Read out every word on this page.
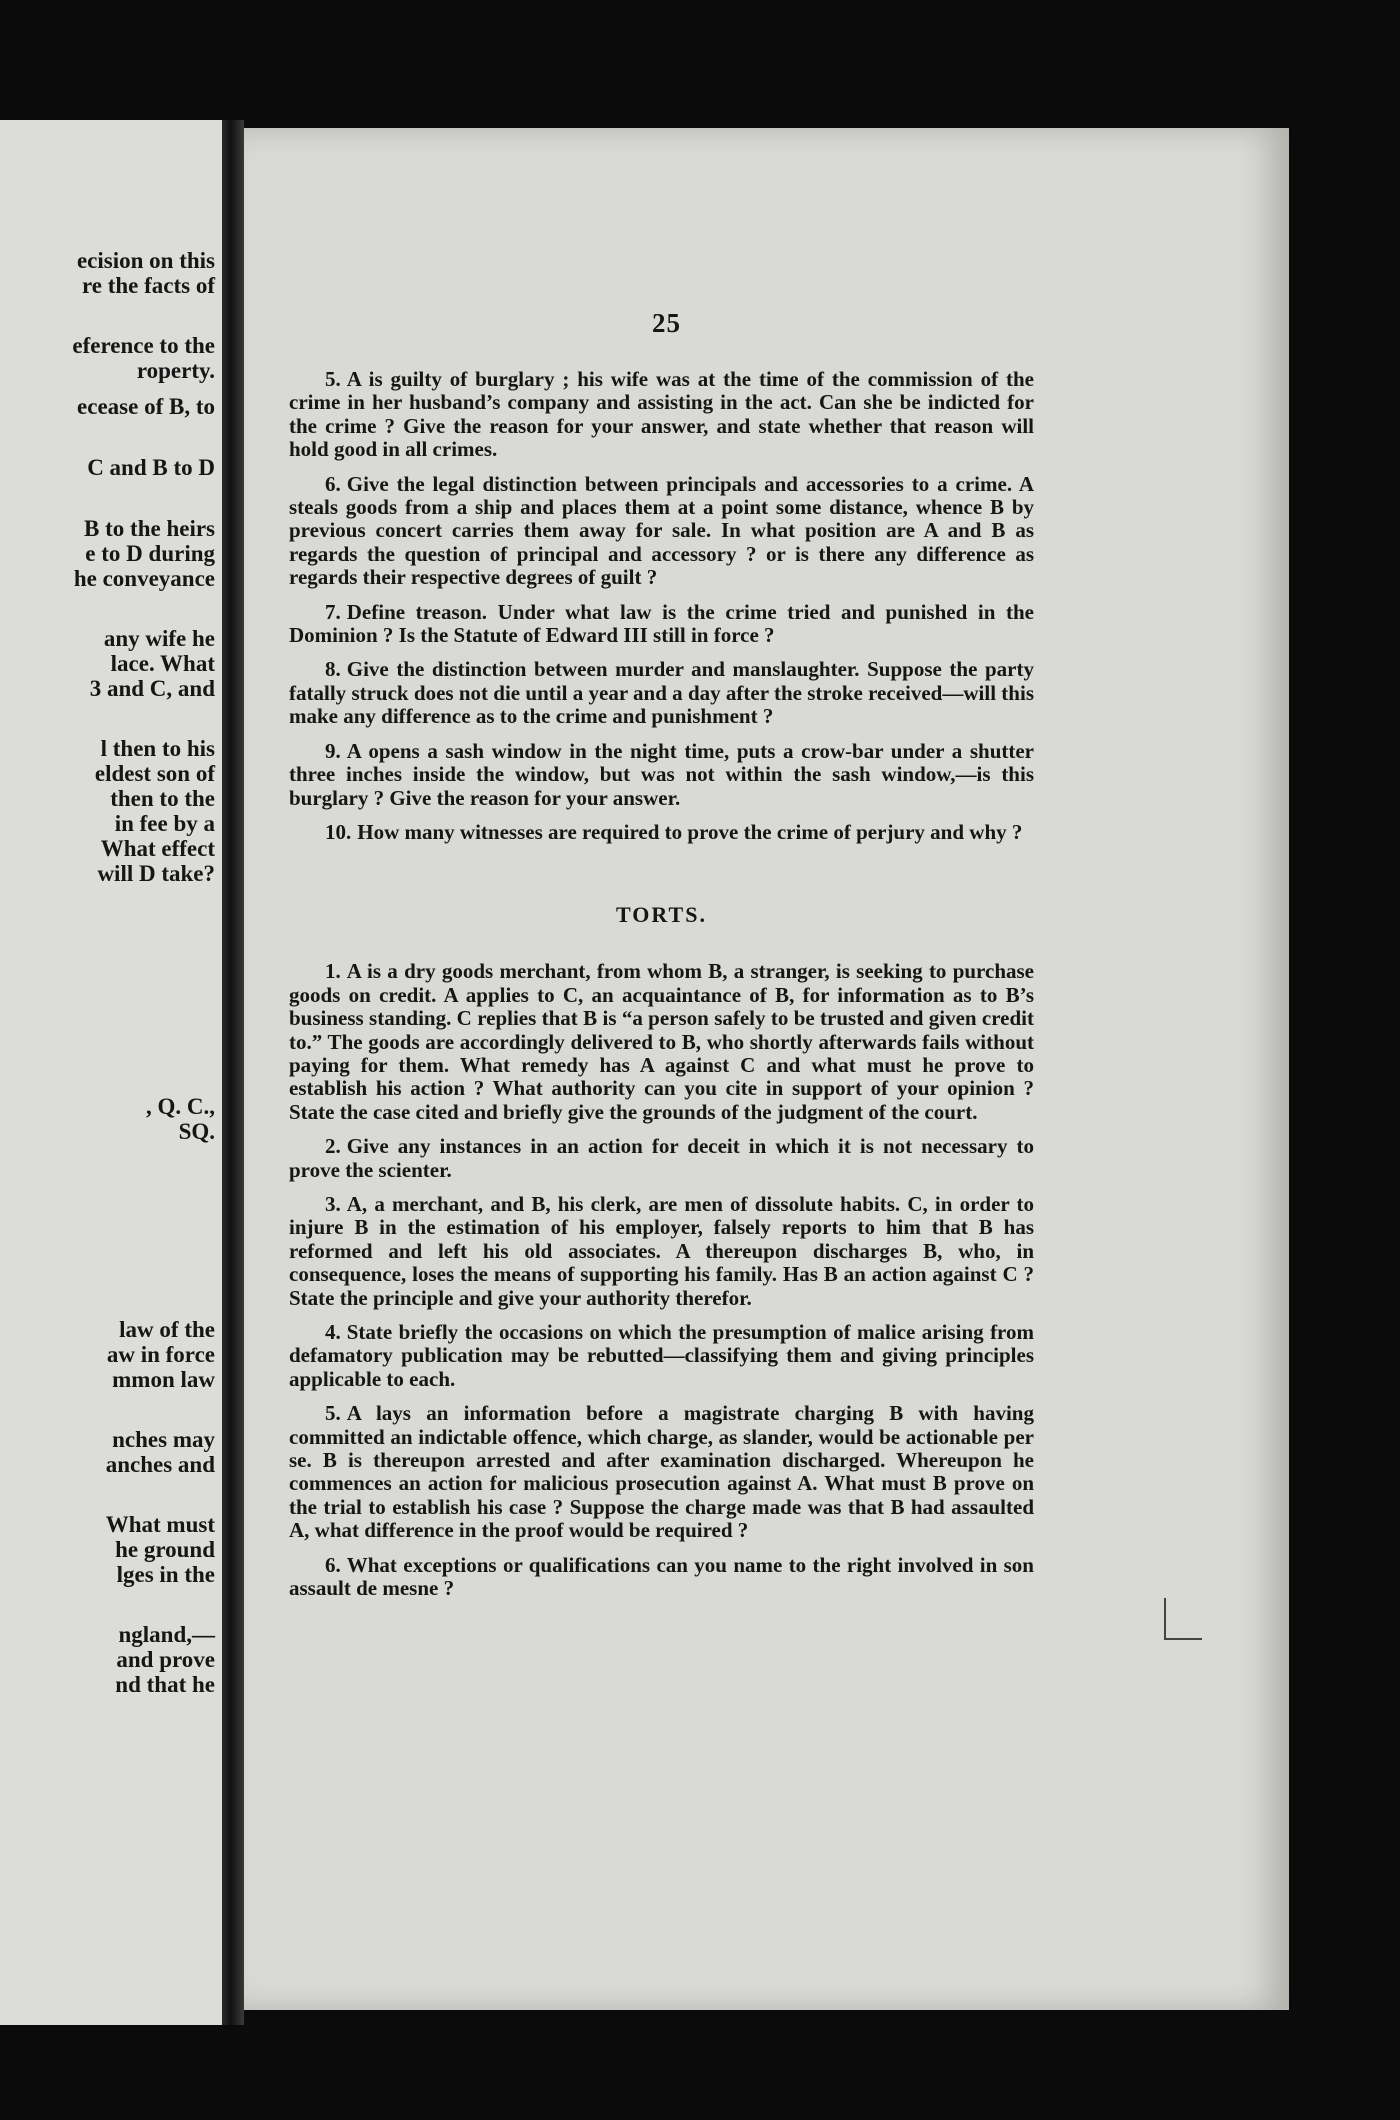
ecision on this
re the facts of
eference to the
roperty.
ecease of B, to
C and B to D
B to the heirs
e to D during
he conveyance
any wife he
lace. What
3 and C, and
l then to his
eldest son of
then to the
in fee by a
What effect
will D take?
, Q. C.,
SQ.
law of the
aw in force
mmon law
nches may
anches and
What must
he ground
lges in the
ngland,—
and prove
nd that he
25

5. A is guilty of burglary ; his wife was at the time of the commission of the crime in her husband’s company and assisting in the act. Can she be indicted for the crime ? Give the reason for your answer, and state whether that reason will hold good in all crimes.

6. Give the legal distinction between principals and accessories to a crime. A steals goods from a ship and places them at a point some distance, whence B by previous concert carries them away for sale. In what position are A and B as regards the question of principal and accessory ? or is there any difference as regards their respective degrees of guilt ?

7. Define treason. Under what law is the crime tried and punished in the Dominion ? Is the Statute of Edward III still in force ?

8. Give the distinction between murder and manslaughter. Suppose the party fatally struck does not die until a year and a day after the stroke received—will this make any difference as to the crime and punishment ?

9. A opens a sash window in the night time, puts a crow-bar under a shutter three inches inside the window, but was not within the sash window,—is this burglary ? Give the reason for your answer.

10. How many witnesses are required to prove the crime of perjury and why ?

TORTS.

1. A is a dry goods merchant, from whom B, a stranger, is seeking to purchase goods on credit. A applies to C, an acquaintance of B, for information as to B’s business standing. C replies that B is “a person safely to be trusted and given credit to.” The goods are accordingly delivered to B, who shortly afterwards fails without paying for them. What remedy has A against C and what must he prove to establish his action ? What authority can you cite in support of your opinion ? State the case cited and briefly give the grounds of the judgment of the court.

2. Give any instances in an action for deceit in which it is not necessary to prove the scienter.

3. A, a merchant, and B, his clerk, are men of dissolute habits. C, in order to injure B in the estimation of his employer, falsely reports to him that B has reformed and left his old associates. A thereupon discharges B, who, in consequence, loses the means of supporting his family. Has B an action against C ? State the principle and give your authority therefor.

4. State briefly the occasions on which the presumption of malice arising from defamatory publication may be rebutted—classifying them and giving principles applicable to each.

5. A lays an information before a magistrate charging B with having committed an indictable offence, which charge, as slander, would be actionable per se. B is thereupon arrested and after examination discharged. Whereupon he commences an action for malicious prosecution against A. What must B prove on the trial to establish his case ? Suppose the charge made was that B had assaulted A, what difference in the proof would be required ?

6. What exceptions or qualifications can you name to the right involved in son assault de mesne ?
